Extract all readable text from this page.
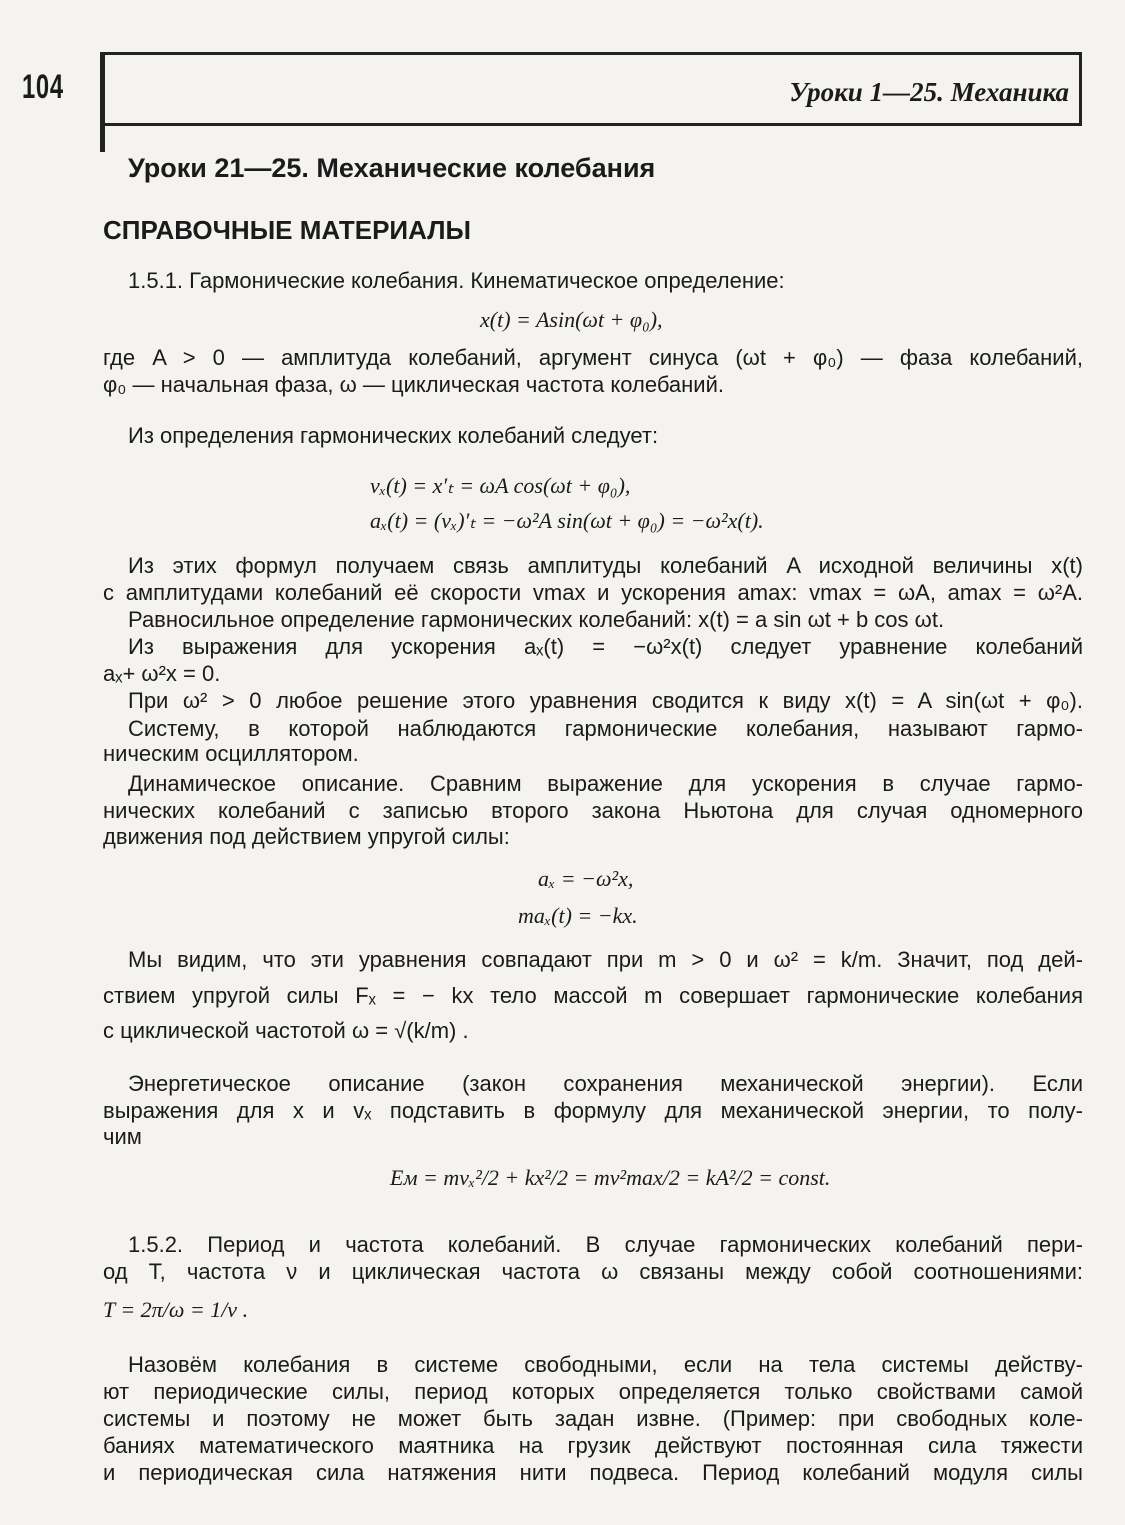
104	Уроки 1—25. Механика
Уроки 21—25. Механические колебания
СПРАВОЧНЫЕ МАТЕРИАЛЫ
1.5.1. Гармонические колебания. Кинематическое определение:
x(t) = Asin(ωt + φ₀),
где A > 0 — амплитуда колебаний, аргумент синуса (ωt + φ₀) — фаза колебаний,
φ₀ — начальная фаза, ω — циклическая частота колебаний.
Из определения гармонических колебаний следует:
vₓ(t) = x′ₜ = ωA cos(ωt + φ₀),
aₓ(t) = (vₓ)′ₜ = −ω²A sin(ωt + φ₀) = −ω²x(t).
Из этих формул получаем связь амплитуды колебаний A исходной величины x(t)
с амплитудами колебаний её скорости vmax и ускорения amax: vmax = ωA, amax = ω²A.
Равносильное определение гармонических колебаний: x(t) = a sin ωt + b cos ωt.
Из выражения для ускорения aₓ(t) = −ω²x(t) следует уравнение колебаний
aₓ+ ω²x = 0.
При ω² > 0 любое решение этого уравнения сводится к виду x(t) = A sin(ωt + φ₀).
Систему, в которой наблюдаются гармонические колебания, называют гармо-
ническим осциллятором.
Динамическое описание. Сравним выражение для ускорения в случае гармо-
нических колебаний с записью второго закона Ньютона для случая одномерного
движения под действием упругой силы:
aₓ = −ω²x,
maₓ(t) = −kx.
Мы видим, что эти уравнения совпадают при m > 0 и ω² = k/m. Значит, под дей-
ствием упругой силы Fₓ = − kx тело массой m совершает гармонические колебания
с циклической частотой ω = √(k/m) .
Энергетическое описание (закон сохранения механической энергии). Если
выражения для x и vₓ подставить в формулу для механической энергии, то полу-
чим
Eм = mvₓ²/2 + kx²/2 = mv²max/2 = kA²/2 = const.
1.5.2. Период и частота колебаний. В случае гармонических колебаний пери-
од T, частота ν и циклическая частота ω связаны между собой соотношениями:
T = 2π/ω = 1/ν .
Назовём колебания в системе свободными, если на тела системы действу-
ют периодические силы, период которых определяется только свойствами самой
системы и поэтому не может быть задан извне. (Пример: при свободных коле-
баниях математического маятника на грузик действуют постоянная сила тяжести
и периодическая сила натяжения нити подвеса. Период колебаний модуля силы
